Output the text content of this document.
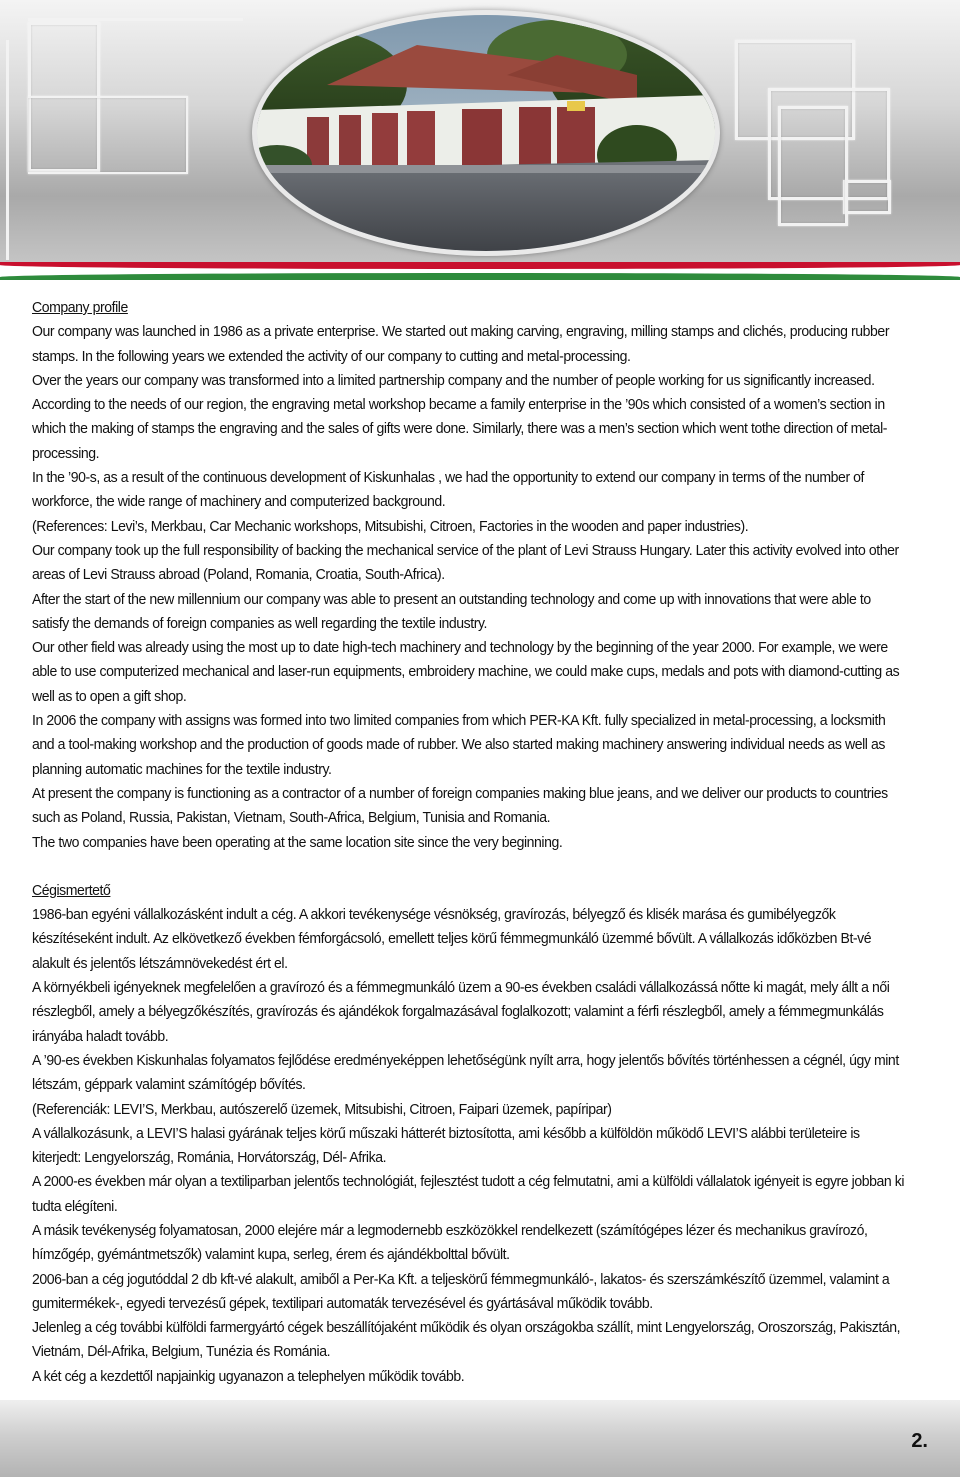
Company profile
Our company was launched in 1986 as a private enterprise. We started out making carving, engraving, milling stamps and clichés, producing rubber stamps. In the following years we extended the activity of our company to cutting and metal-processing.
Over the years our company was transformed into a limited partnership company and the number of people working for us significantly increased.
According to the needs of our region, the engraving metal workshop became a family enterprise in the ’90s which consisted of a women’s section in which the making of stamps the engraving and the sales of gifts were done. Similarly, there was a men’s section which went tothe direction of metal-processing.
In the ’90-s, as a result of the continuous development of Kiskunhalas , we had the opportunity to extend our company in terms of the number of workforce, the wide range of machinery and computerized background.
(References: Levi’s, Merkbau, Car Mechanic workshops, Mitsubishi, Citroen, Factories in the wooden and paper industries).
Our company took up the full responsibility of backing the mechanical service of the plant of Levi Strauss Hungary. Later this activity evolved into other areas of Levi Strauss abroad (Poland, Romania, Croatia, South-Africa).
After the start of the new millennium our company was able to present an outstanding technology and come up with innovations that were able to satisfy the demands of foreign companies as well regarding the textile industry.
Our other field was already using the most up to date high-tech machinery and technology by the beginning of the year 2000. For example, we were able to use computerized mechanical and laser-run equipments, embroidery machine, we could make cups, medals and pots with diamond-cutting as well as to open a gift shop.
In 2006 the company with assigns was formed into two limited companies from which PER-KA Kft. fully specialized in metal-processing, a locksmith and a tool-making workshop and the production of goods made of rubber. We also started making machinery answering individual needs as well as planning automatic machines for the textile industry.
At present the company is functioning as a contractor of a number of foreign companies making blue jeans, and we deliver our products to countries such as Poland, Russia, Pakistan, Vietnam, South-Africa, Belgium, Tunisia and Romania.
The two companies have been operating at the same location site since the very beginning.
Cégismertető
1986-ban egyéni vállalkozásként indult a cég. A akkori tevékenysége vésnökség, gravírozás, bélyegző és klisék marása és gumibélyegzők készítéseként indult. Az elkövetkező években fémforgácsoló, emellett teljes körű fémmegmunkáló üzemmé bővült. A vállalkozás időközben Bt-vé alakult és jelentős létszámnövekedést ért el.
A környékbeli igényeknek megfelelően a gravírozó és a fémmegmunkáló üzem a 90-es években családi vállalkozássá nőtte ki magát, mely állt a női részlegből, amely a bélyegzőkészítés, gravírozás és ajándékok forgalmazásával foglalkozott; valamint a férfi részlegből, amely a fémmegmunkálás irányába haladt tovább.
A ’90-es években Kiskunhalas folyamatos fejlődése eredményeképpen lehetőségünk nyílt arra, hogy jelentős bővítés történhessen a cégnél, úgy mint létszám, géppark valamint számítógép bővítés.
(Referenciák: LEVI’S, Merkbau, autószerelő üzemek, Mitsubishi, Citroen, Faipari üzemek, papíripar)
A vállalkozásunk, a LEVI’S halasi gyárának teljes körű műszaki hátterét biztosította, ami később a külföldön működő LEVI’S alábbi területeire is kiterjedt: Lengyelország, Románia, Horvátország, Dél- Afrika.
A 2000-es években már olyan a textiliparban jelentős technológiát, fejlesztést tudott a cég felmutatni, ami a külföldi vállalatok igényeit is egyre jobban ki tudta elégíteni.
A másik tevékenység folyamatosan, 2000 elejére már a legmodernebb eszközökkel rendelkezett (számítógépes lézer és mechanikus gravírozó, hímzőgép, gyémántmetszők) valamint kupa, serleg, érem és ajándékbolttal bővült.
2006-ban a cég jogutóddal 2 db kft-vé alakult, amiből a Per-Ka Kft. a teljeskörű fémmegmunkáló-, lakatos- és szerszámkészítő üzemmel, valamint a gumitermékek-, egyedi tervezésű gépek, textilipari automaták tervezésével és gyártásával működik tovább.
Jelenleg a cég további külföldi farmergyártó cégek beszállítójaként működik és olyan országokba szállít, mint Lengyelország, Oroszország, Pakisztán, Vietnám, Dél-Afrika, Belgium, Tunézia és Románia.
A két cég a kezdettől napjainkig ugyanazon a telephelyen működik tovább.
2.
